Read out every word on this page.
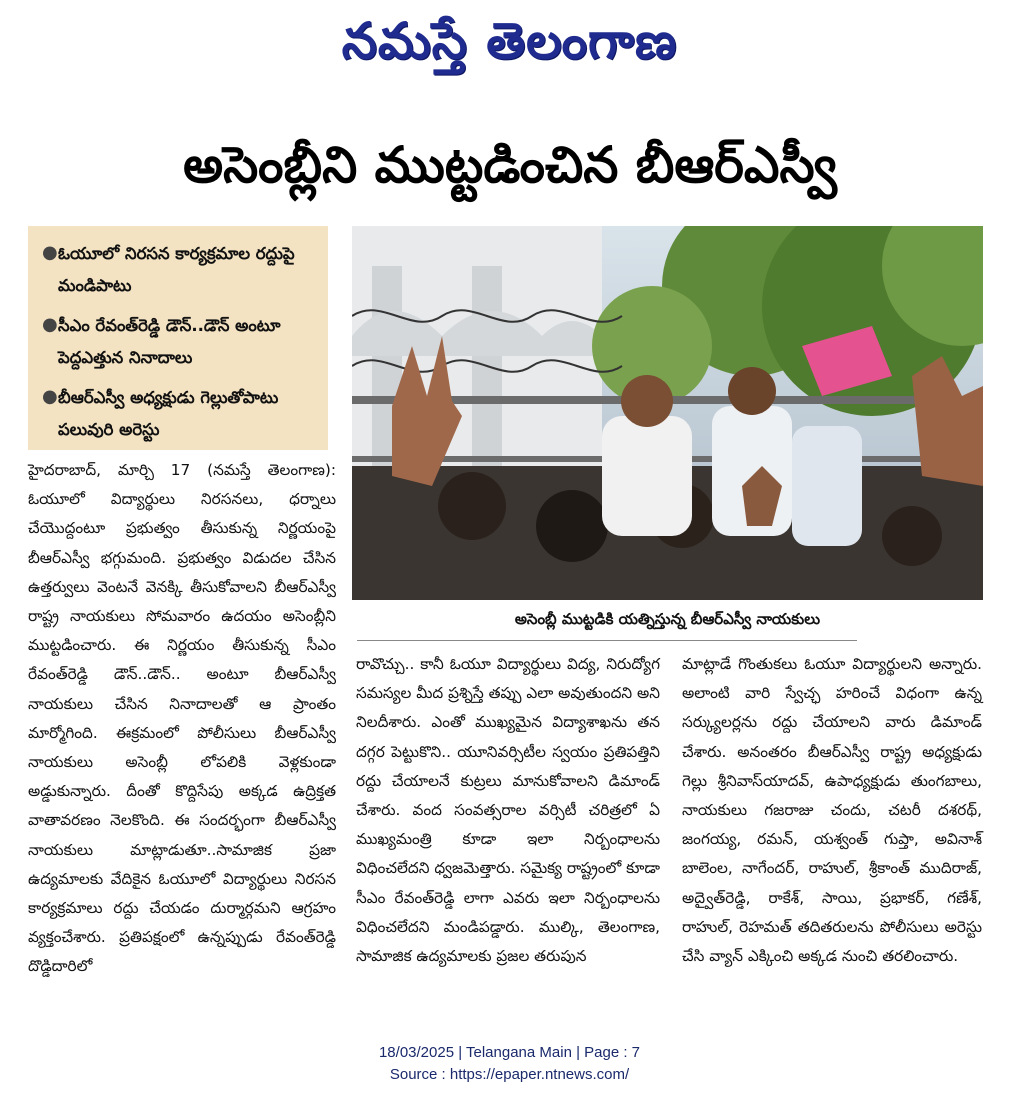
నమస్తే తెలంగాణ
అసెంబ్లీని ముట్టడించిన బీఆర్‌ఎస్వీ
● ఓయూలో నిరసన కార్యక్రమాల రద్దుపై మండిపాటు
● సీఎం రేవంత్‌రెడ్డి డౌన్‌..డౌన్‌ అంటూ పెద్దఎత్తున నినాదాలు
● బీఆర్‌ఎస్వీ అధ్యక్షుడు గెల్లుతోపాటు పలువురి అరెస్టు
అసెంబ్లీ ముట్టడికి యత్నిస్తున్న బీఆర్‌ఎస్వీ నాయకులు
హైదరాబాద్‌, మార్చి 17 (నమస్తే తెలంగాణ): ఓయూలో విద్యార్థులు నిరసనలు, ధర్నాలు చేయొద్దంటూ ప్రభుత్వం తీసుకున్న నిర్ణయంపై బీఆర్‌ఎస్వీ భగ్గుమంది. ప్రభుత్వం విడుదల చేసిన ఉత్తర్వులు వెంటనే వెనక్కి తీసుకోవాలని బీఆర్‌ఎస్వీ రాష్ట్ర నాయకులు సోమవారం ఉదయం అసెంబ్లీని ముట్టడించారు. ఈ నిర్ణయం తీసుకున్న సీఎం రేవంత్‌రెడ్డి డౌన్‌..డౌన్‌.. అంటూ బీఆర్‌ఎస్వీ నాయకులు చేసిన నినాదాలతో ఆ ప్రాంతం మార్మోగింది. ఈక్రమంలో పోలీసులు బీఆర్‌ఎస్వీ నాయకులు అసెంబ్లీ లోపలికి వెళ్లకుండా అడ్డుకున్నారు. దీంతో కొద్దిసేపు అక్కడ ఉద్రిక్తత వాతావరణం నెలకొంది. ఈ సందర్భంగా బీఆర్‌ఎస్వీ నాయకులు మాట్లాడుతూ..సామాజిక ప్రజా ఉద్యమాలకు వేదికైన ఓయూలో విద్యార్థులు నిరసన కార్యక్రమాలు రద్దు చేయడం దుర్మార్గమని ఆగ్రహం వ్యక్తంచేశారు. ప్రతిపక్షంలో ఉన్నప్పుడు రేవంత్‌రెడ్డి దొడ్డిదారిలో
రావొచ్చు.. కానీ ఓయూ విద్యార్థులు విద్య, నిరుద్యోగ సమస్యల మీద ప్రశ్నిస్తే తప్పు ఎలా అవుతుందని అని నిలదీశారు. ఎంతో ముఖ్యమైన విద్యాశాఖను తన దగ్గర పెట్టుకొని.. యూనివర్సిటీల స్వయం ప్రతిపత్తిని రద్దు చేయాలనే కుట్రలు మానుకోవాలని డిమాండ్‌ చేశారు. వంద సంవత్సరాల వర్సిటీ చరిత్రలో ఏ ముఖ్యమంత్రి కూడా ఇలా నిర్బంధాలను విధించలేదని ధ్వజమెత్తారు. సమైక్య రాష్ట్రంలో కూడా సీఎం రేవంత్‌రెడ్డి లాగా ఎవరు ఇలా నిర్బంధాలను విధించలేదని మండిపడ్డారు. ముల్కి, తెలంగాణ, సామాజిక ఉద్యమాలకు ప్రజల తరుపున
మాట్లాడే గొంతుకలు ఓయూ విద్యార్థులని అన్నారు. అలాంటి వారి స్వేచ్ఛ హరించే విధంగా ఉన్న సర్క్యులర్లను రద్దు చేయాలని వారు డిమాండ్‌ చేశారు. అనంతరం బీఆర్‌ఎస్వీ రాష్ట్ర అధ్యక్షుడు గెల్లు శ్రీనివాస్‌యాదవ్‌, ఉపాధ్యక్షుడు తుంగబాలు, నాయకులు గజరాజు చందు, చటరీ దశరథ్‌, జంగయ్య, రమన్‌, యశ్వంత్‌ గుప్తా, అవినాశ్‌ బాలెంల, నాగేందర్‌, రాహుల్‌, శ్రీకాంత్‌ ముదిరాజ్‌, అద్వైత్‌రెడ్డి, రాకేశ్‌, సాయి, ప్రభాకర్‌, గణేశ్‌, రాహుల్‌, రెహమత్‌ తదితరులను పోలీసులు అరెస్టు చేసి వ్యాన్‌ ఎక్కించి అక్కడ నుంచి తరలించారు.
18/03/2025 | Telangana Main | Page : 7
Source : https://epaper.ntnews.com/
